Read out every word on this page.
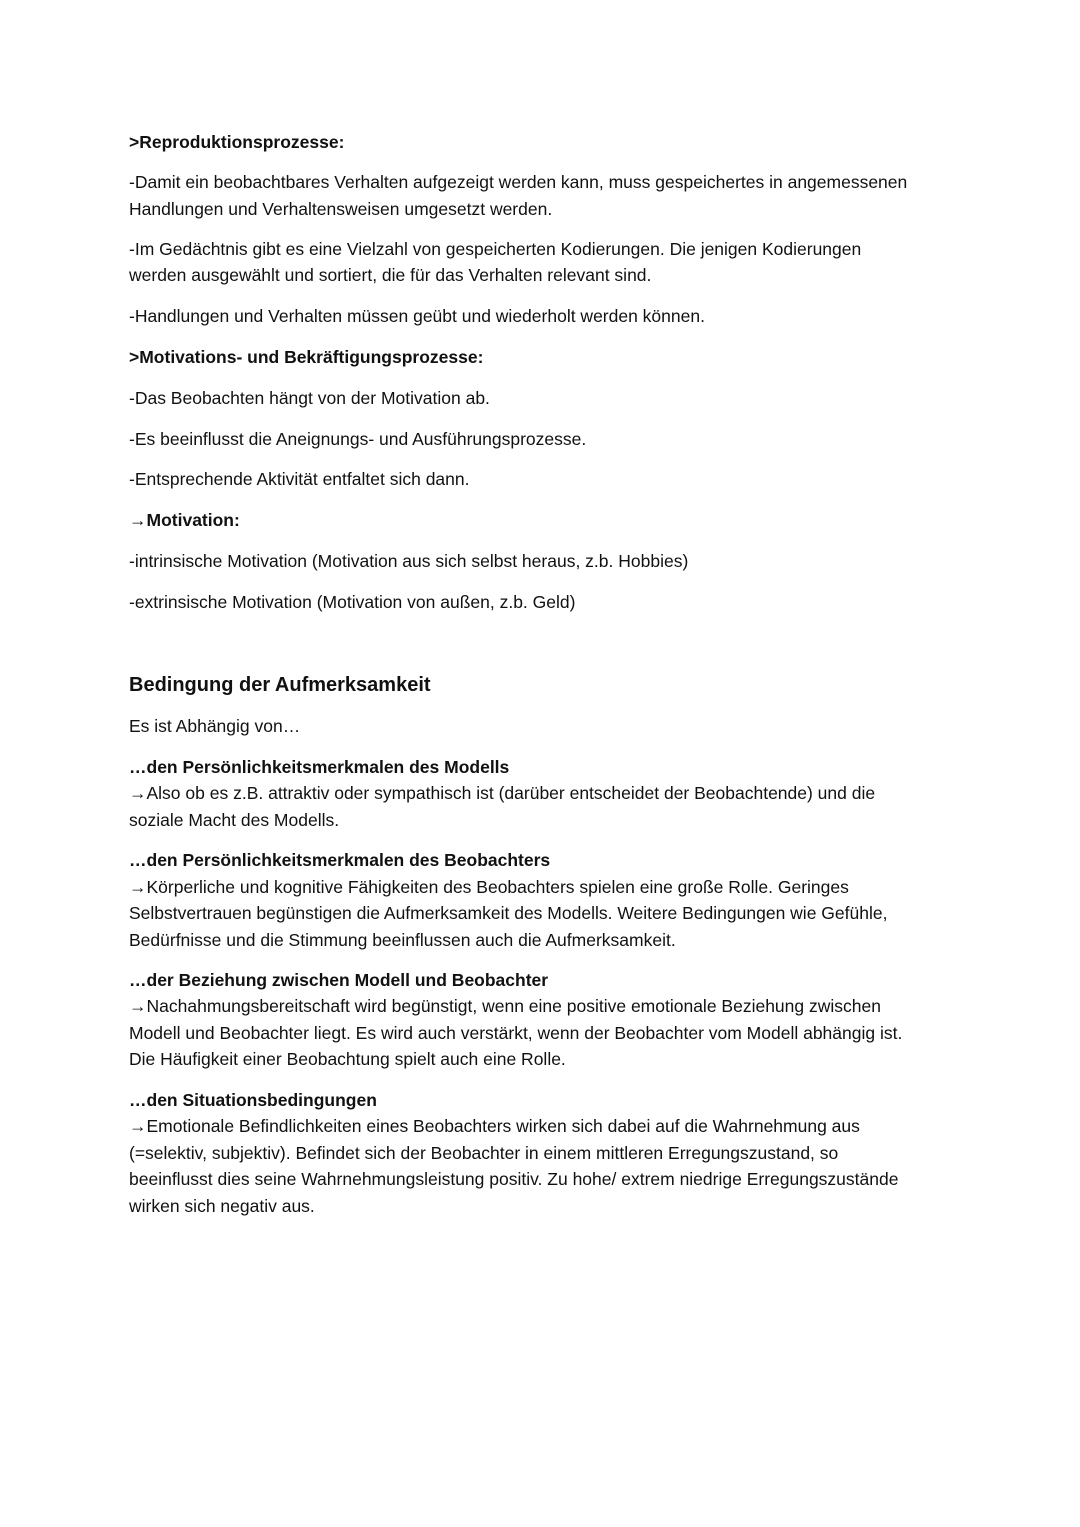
>Reproduktionsprozesse:
-Damit ein beobachtbares Verhalten aufgezeigt werden kann, muss gespeichertes in angemessenen
Handlungen und Verhaltensweisen umgesetzt werden.
-Im Gedächtnis gibt es eine Vielzahl von gespeicherten Kodierungen. Die jenigen Kodierungen
werden ausgewählt und sortiert, die für das Verhalten relevant sind.
-Handlungen und Verhalten müssen geübt und wiederholt werden können.
>Motivations- und Bekräftigungsprozesse:
-Das Beobachten hängt von der Motivation ab.
-Es beeinflusst die Aneignungs- und Ausführungsprozesse.
-Entsprechende Aktivität entfaltet sich dann.
→Motivation:
-intrinsische Motivation (Motivation aus sich selbst heraus, z.b. Hobbies)
-extrinsische Motivation (Motivation von außen, z.b. Geld)
Bedingung der Aufmerksamkeit
Es ist Abhängig von…
…den Persönlichkeitsmerkmalen des Modells
→Also ob es z.B. attraktiv oder sympathisch ist (darüber entscheidet der Beobachtende) und die
soziale Macht des Modells.
…den Persönlichkeitsmerkmalen des Beobachters
→Körperliche und kognitive Fähigkeiten des Beobachters spielen eine große Rolle. Geringes
Selbstvertrauen begünstigen die Aufmerksamkeit des Modells. Weitere Bedingungen wie Gefühle,
Bedürfnisse und die Stimmung beeinflussen auch die Aufmerksamkeit.
…der Beziehung zwischen Modell und Beobachter
→Nachahmungsbereitschaft wird begünstigt, wenn eine positive emotionale Beziehung zwischen
Modell und Beobachter liegt. Es wird auch verstärkt, wenn der Beobachter vom Modell abhängig ist.
Die Häufigkeit einer Beobachtung spielt auch eine Rolle.
…den Situationsbedingungen
→Emotionale Befindlichkeiten eines Beobachters wirken sich dabei auf die Wahrnehmung aus
(=selektiv, subjektiv). Befindet sich der Beobachter in einem mittleren Erregungszustand, so
beeinflusst dies seine Wahrnehmungsleistung positiv. Zu hohe/ extrem niedrige Erregungszustände
wirken sich negativ aus.
